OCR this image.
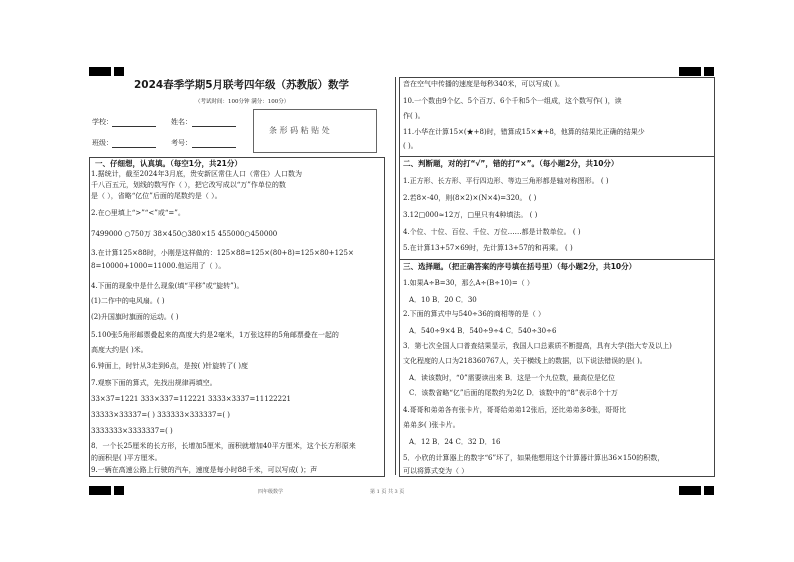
2024春季学期5月联考四年级（苏教版）数学
（考试时间：100分钟 满分：100分）
学校：	姓名：
班级：	考号：
条 形 码 粘 贴 处
一、仔细想，认真填。（每空1分，共21分）
1.据统计，截至2024年3月底，贵安新区常住人口（常住）人口数为
千八百五元，划线的数写作（ ），把它改写成以“万”作单位的数
是（ ），省略“亿位”后面的尾数约是（ ）。
2.在○里填上“>”“<”或“=”。
7499000 ○750万 38×450○380×15 455000○450000
3.在计算125×88时，小刚是这样做的：125×88=125×(80+8)=125×80+125×
8=10000+1000=11000.他运用了（ ）。
4.下面的现象中是什么现象(填“平移”或“旋转”)。
(1)二作中的电风扇。( )
(2)升国旗时旗面的运动。( )
5.100张5角形邮票叠起来的高度大约是2毫米，1万张这样的5角邮票叠在一起的
高度大约是( )米。
6.钟面上，时针从3走到6点，是按( )针旋转了( )度
7.观察下面的算式，先找出规律再填空。
33×37=1221 333×337=112221 3333×3337=11122221
33333×33337=( ) 333333×333337=( )
3333333×3333337=( )
8．一个长25厘米的长方形，长增加5厘米，面积就增加40平方厘米，这个长方形原来
的面积是( )平方厘米。
9.一辆在高速公路上行驶的汽车，速度是每小时88千米，可以写成( )；声
音在空气中传播的速度是每秒340米，可以写成( )。
10.一个数由9个亿、5个百万、6个千和5个一组成，这个数写作( )，读
作( )。
11.小华在计算15×(★+8)时，错算成15×★+8，他算的结果比正确的结果少
( )。
二、判断题，对的打“√”，错的打“×”。（每小题2分，共10分）
1.正方形、长方形、平行四边形、等边三角形都是轴对称图形。 ( )
2.若8×-40，则(8×2)×(N×4)=320。 ( )
3.12□000≈12万，□里只有4种填法。 ( )
4.个位、十位、百位、千位、万位……都是计数单位。 ( )
5.在计算13+57×69时，先计算13+57的和再乘。 ( )
三、选择题。（把正确答案的序号填在括号里）（每小题2分，共10分）
1.如果A÷B=30，那么A÷(B÷10)=（ ）
A．10 B．20 C．30
2.下面的算式中与540÷36的商相等的是（ ）
A．540÷9×4 B．540÷9÷4 C．540÷30÷6
3．第七次全国人口普查结果显示，我国人口总素质不断提高，具有大学(指大专及以上)
文化程度的人口为218360767人，关于横线上的数据，以下说法错误的是( )。
A．读该数时，“0”需要读出来 B．这是一个九位数，最高位是亿位
C．该数省略“亿”后面的尾数约为2亿 D．该数中的“8”表示8个十万
4.哥哥和弟弟各有张卡片，哥哥给弟弟12张后，还比弟弟多8张，哥哥比
弟弟多( )张卡片。
A．12 B．24 C．32 D．16
5．小欣的计算器上的数字“6”坏了，如果他想用这个计算器计算出36×150的积数，
可以将算式变为（ ）
四年级数学	第 1 页 共 3 页
